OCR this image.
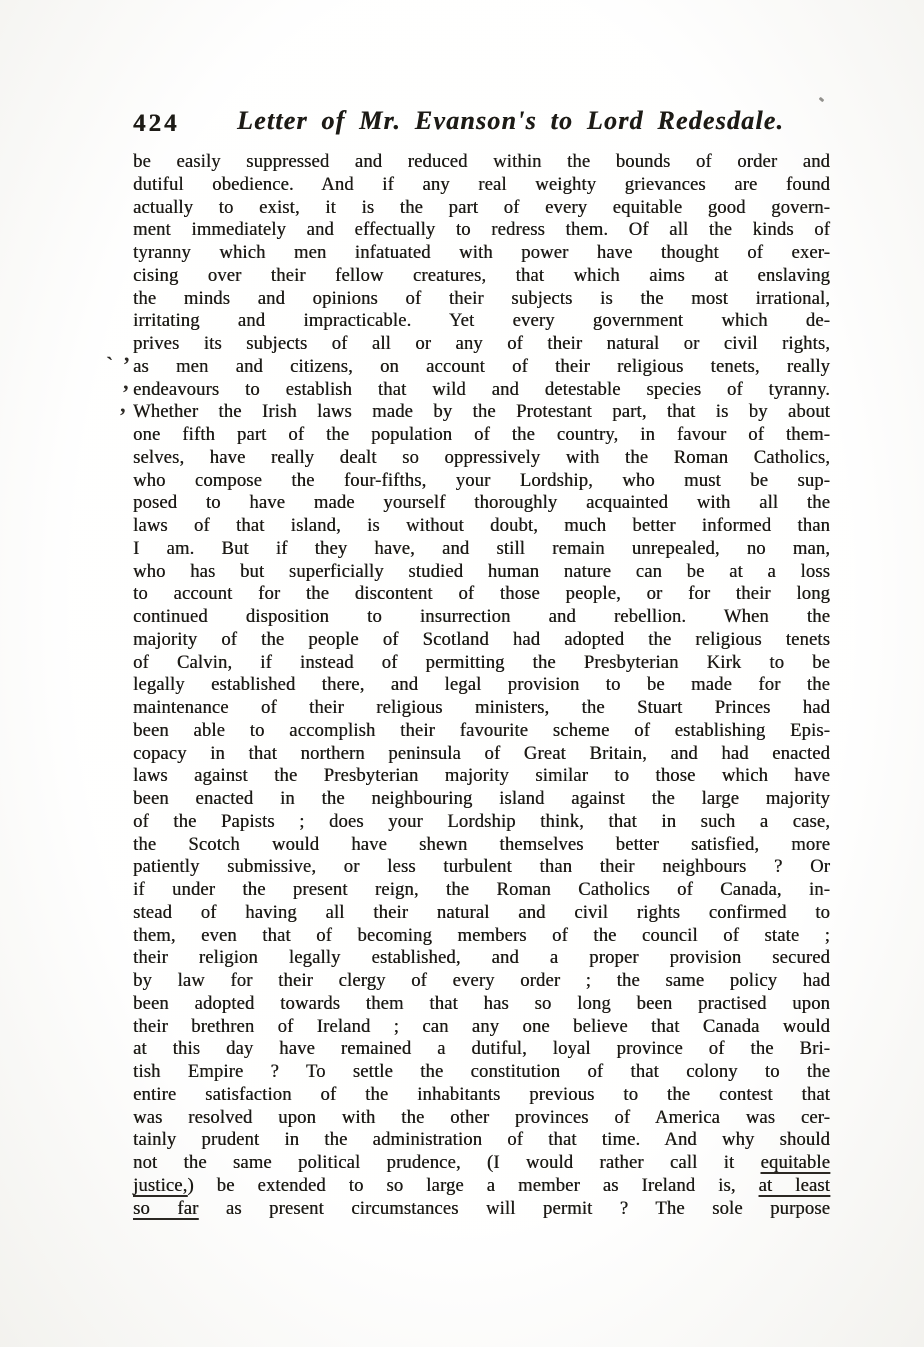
424 Letter of Mr. Evanson's to Lord Redesdale.
ˋ ’
’
’
be easily suppressed and reduced within the bounds of order and
dutiful obedience. And if any real weighty grievances are found
actually to exist, it is the part of every equitable good govern-
ment immediately and effectually to redress them. Of all the kinds of
tyranny which men infatuated with power have thought of exer-
cising over their fellow creatures, that which aims at enslaving
the minds and opinions of their subjects is the most irrational,
irritating and impracticable. Yet every government which de-
prives its subjects of all or any of their natural or civil rights,
as men and citizens, on account of their religious tenets, really
endeavours to establish that wild and detestable species of tyranny.
Whether the Irish laws made by the Protestant part, that is by about
one fifth part of the population of the country, in favour of them-
selves, have really dealt so oppressively with the Roman Catholics,
who compose the four-fifths, your Lordship, who must be sup-
posed to have made yourself thoroughly acquainted with all the
laws of that island, is without doubt, much better informed than
I am. But if they have, and still remain unrepealed, no man,
who has but superficially studied human nature can be at a loss
to account for the discontent of those people, or for their long
continued disposition to insurrection and rebellion. When the
majority of the people of Scotland had adopted the religious tenets
of Calvin, if instead of permitting the Presbyterian Kirk to be
legally established there, and legal provision to be made for the
maintenance of their religious ministers, the Stuart Princes had
been able to accomplish their favourite scheme of establishing Epis-
copacy in that northern peninsula of Great Britain, and had enacted
laws against the Presbyterian majority similar to those which have
been enacted in the neighbouring island against the large majority
of the Papists ; does your Lordship think, that in such a case,
the Scotch would have shewn themselves better satisfied, more
patiently submissive, or less turbulent than their neighbours ? Or
if under the present reign, the Roman Catholics of Canada, in-
stead of having all their natural and civil rights confirmed to
them, even that of becoming members of the council of state ;
their religion legally established, and a proper provision secured
by law for their clergy of every order ; the same policy had
been adopted towards them that has so long been practised upon
their brethren of Ireland ; can any one believe that Canada would
at this day have remained a dutiful, loyal province of the Bri-
tish Empire ? To settle the constitution of that colony to the
entire satisfaction of the inhabitants previous to the contest that
was resolved upon with the other provinces of America was cer-
tainly prudent in the administration of that time. And why should
not the same political prudence, (I would rather call it equitable
justice,) be extended to so large a member as Ireland is, at least
so far as present circumstances will permit ? The sole purpose
